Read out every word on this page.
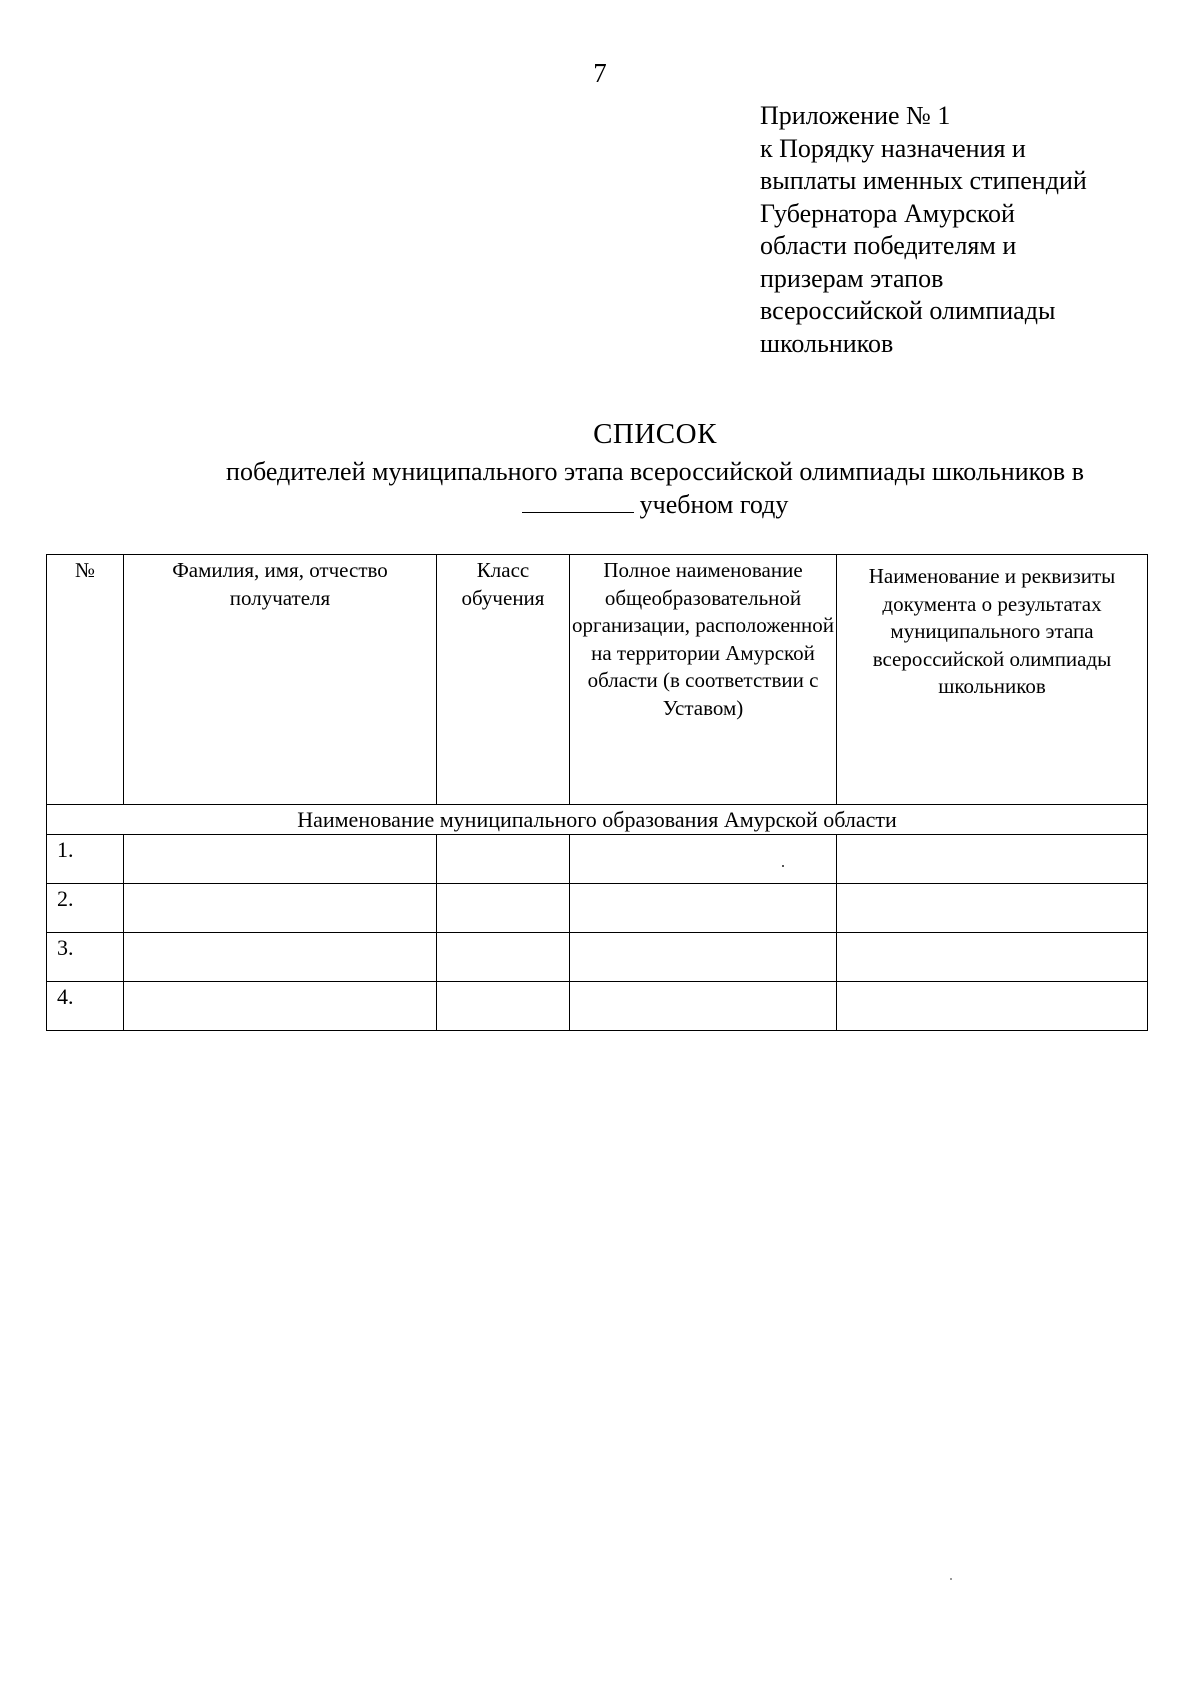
7
Приложение № 1
к Порядку назначения и
выплаты именных стипендий
Губернатора Амурской
области победителям и
призерам этапов
всероссийской олимпиады
школьников
СПИСОК
победителей муниципального этапа всероссийской олимпиады школьников в
учебном году
№	Фамилия, имя, отчество получателя	Класс обучения	Полное наименование общеобразовательной организации, расположенной на территории Амурской области (в соответствии с Уставом)	Наименование и реквизиты документа о результатах муниципального этапа всероссийской олимпиады школьников
Наименование муниципального образования Амурской области				
1.				
2.				
3.				
4.				
